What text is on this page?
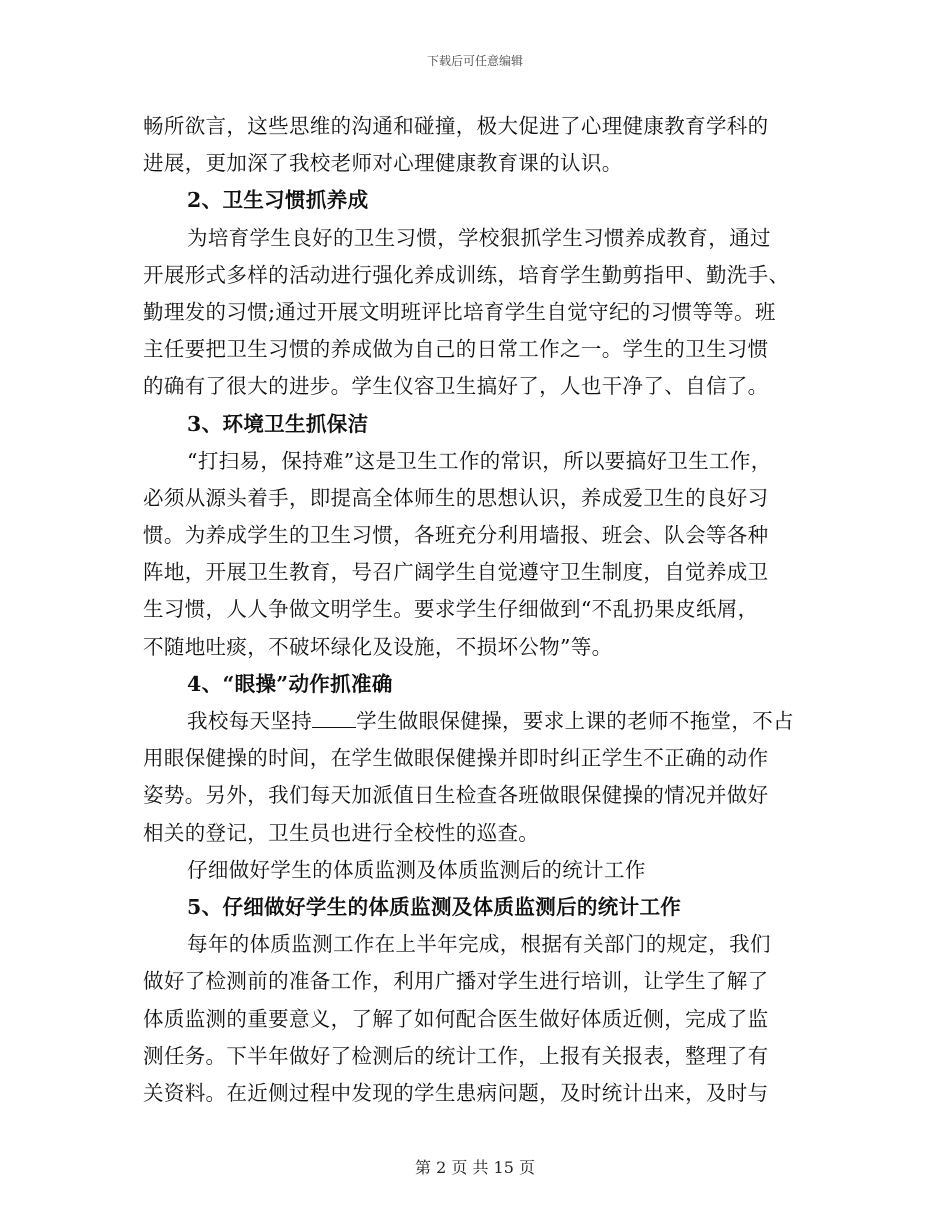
下载后可任意编辑
畅所欲言，这些思维的沟通和碰撞，极大促进了心理健康教育学科的
进展，更加深了我校老师对心理健康教育课的认识。
2、卫生习惯抓养成
为培育学生良好的卫生习惯，学校狠抓学生习惯养成教育，通过
开展形式多样的活动进行强化养成训练，培育学生勤剪指甲、勤洗手、
勤理发的习惯;通过开展文明班评比培育学生自觉守纪的习惯等等。班
主任要把卫生习惯的养成做为自己的日常工作之一。学生的卫生习惯
的确有了很大的进步。学生仪容卫生搞好了，人也干净了、自信了。
3、环境卫生抓保洁
“打扫易，保持难”这是卫生工作的常识，所以要搞好卫生工作，
必须从源头着手，即提高全体师生的思想认识，养成爱卫生的良好习
惯。为养成学生的卫生习惯，各班充分利用墙报、班会、队会等各种
阵地，开展卫生教育，号召广阔学生自觉遵守卫生制度，自觉养成卫
生习惯，人人争做文明学生。要求学生仔细做到“不乱扔果皮纸屑，
不随地吐痰，不破坏绿化及设施，不损坏公物”等。
4、“眼操”动作抓准确
我校每天坚持 学生做眼保健操，要求上课的老师不拖堂，不占
用眼保健操的时间，在学生做眼保健操并即时纠正学生不正确的动作
姿势。另外，我们每天加派值日生检查各班做眼保健操的情况并做好
相关的登记，卫生员也进行全校性的巡查。
仔细做好学生的体质监测及体质监测后的统计工作
5、仔细做好学生的体质监测及体质监测后的统计工作
每年的体质监测工作在上半年完成，根据有关部门的规定，我们
做好了检测前的准备工作，利用广播对学生进行培训，让学生了解了
体质监测的重要意义，了解了如何配合医生做好体质近侧，完成了监
测任务。下半年做好了检测后的统计工作，上报有关报表，整理了有
关资料。在近侧过程中发现的学生患病问题，及时统计出来，及时与
第 2 页 共 15 页
